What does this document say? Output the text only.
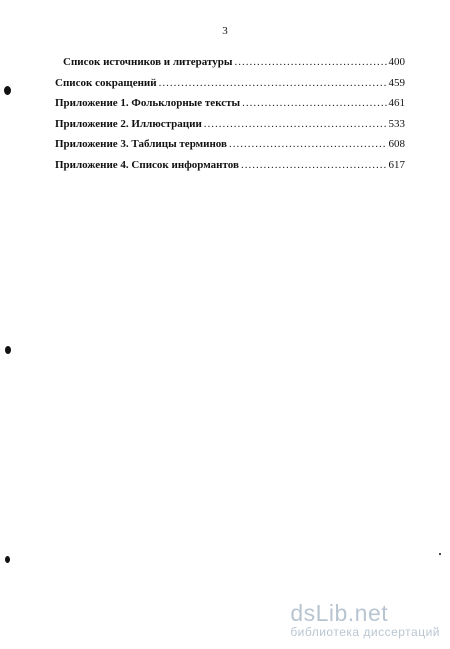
3
Список источников и литературы .....	400
Список сокращений .....	459
Приложение 1. Фольклорные тексты .....	461
Приложение 2. Иллюстрации .....	533
Приложение 3. Таблицы терминов .....	608
Приложение 4. Список информантов .....	617
dsLib.net
библиотека диссертаций
